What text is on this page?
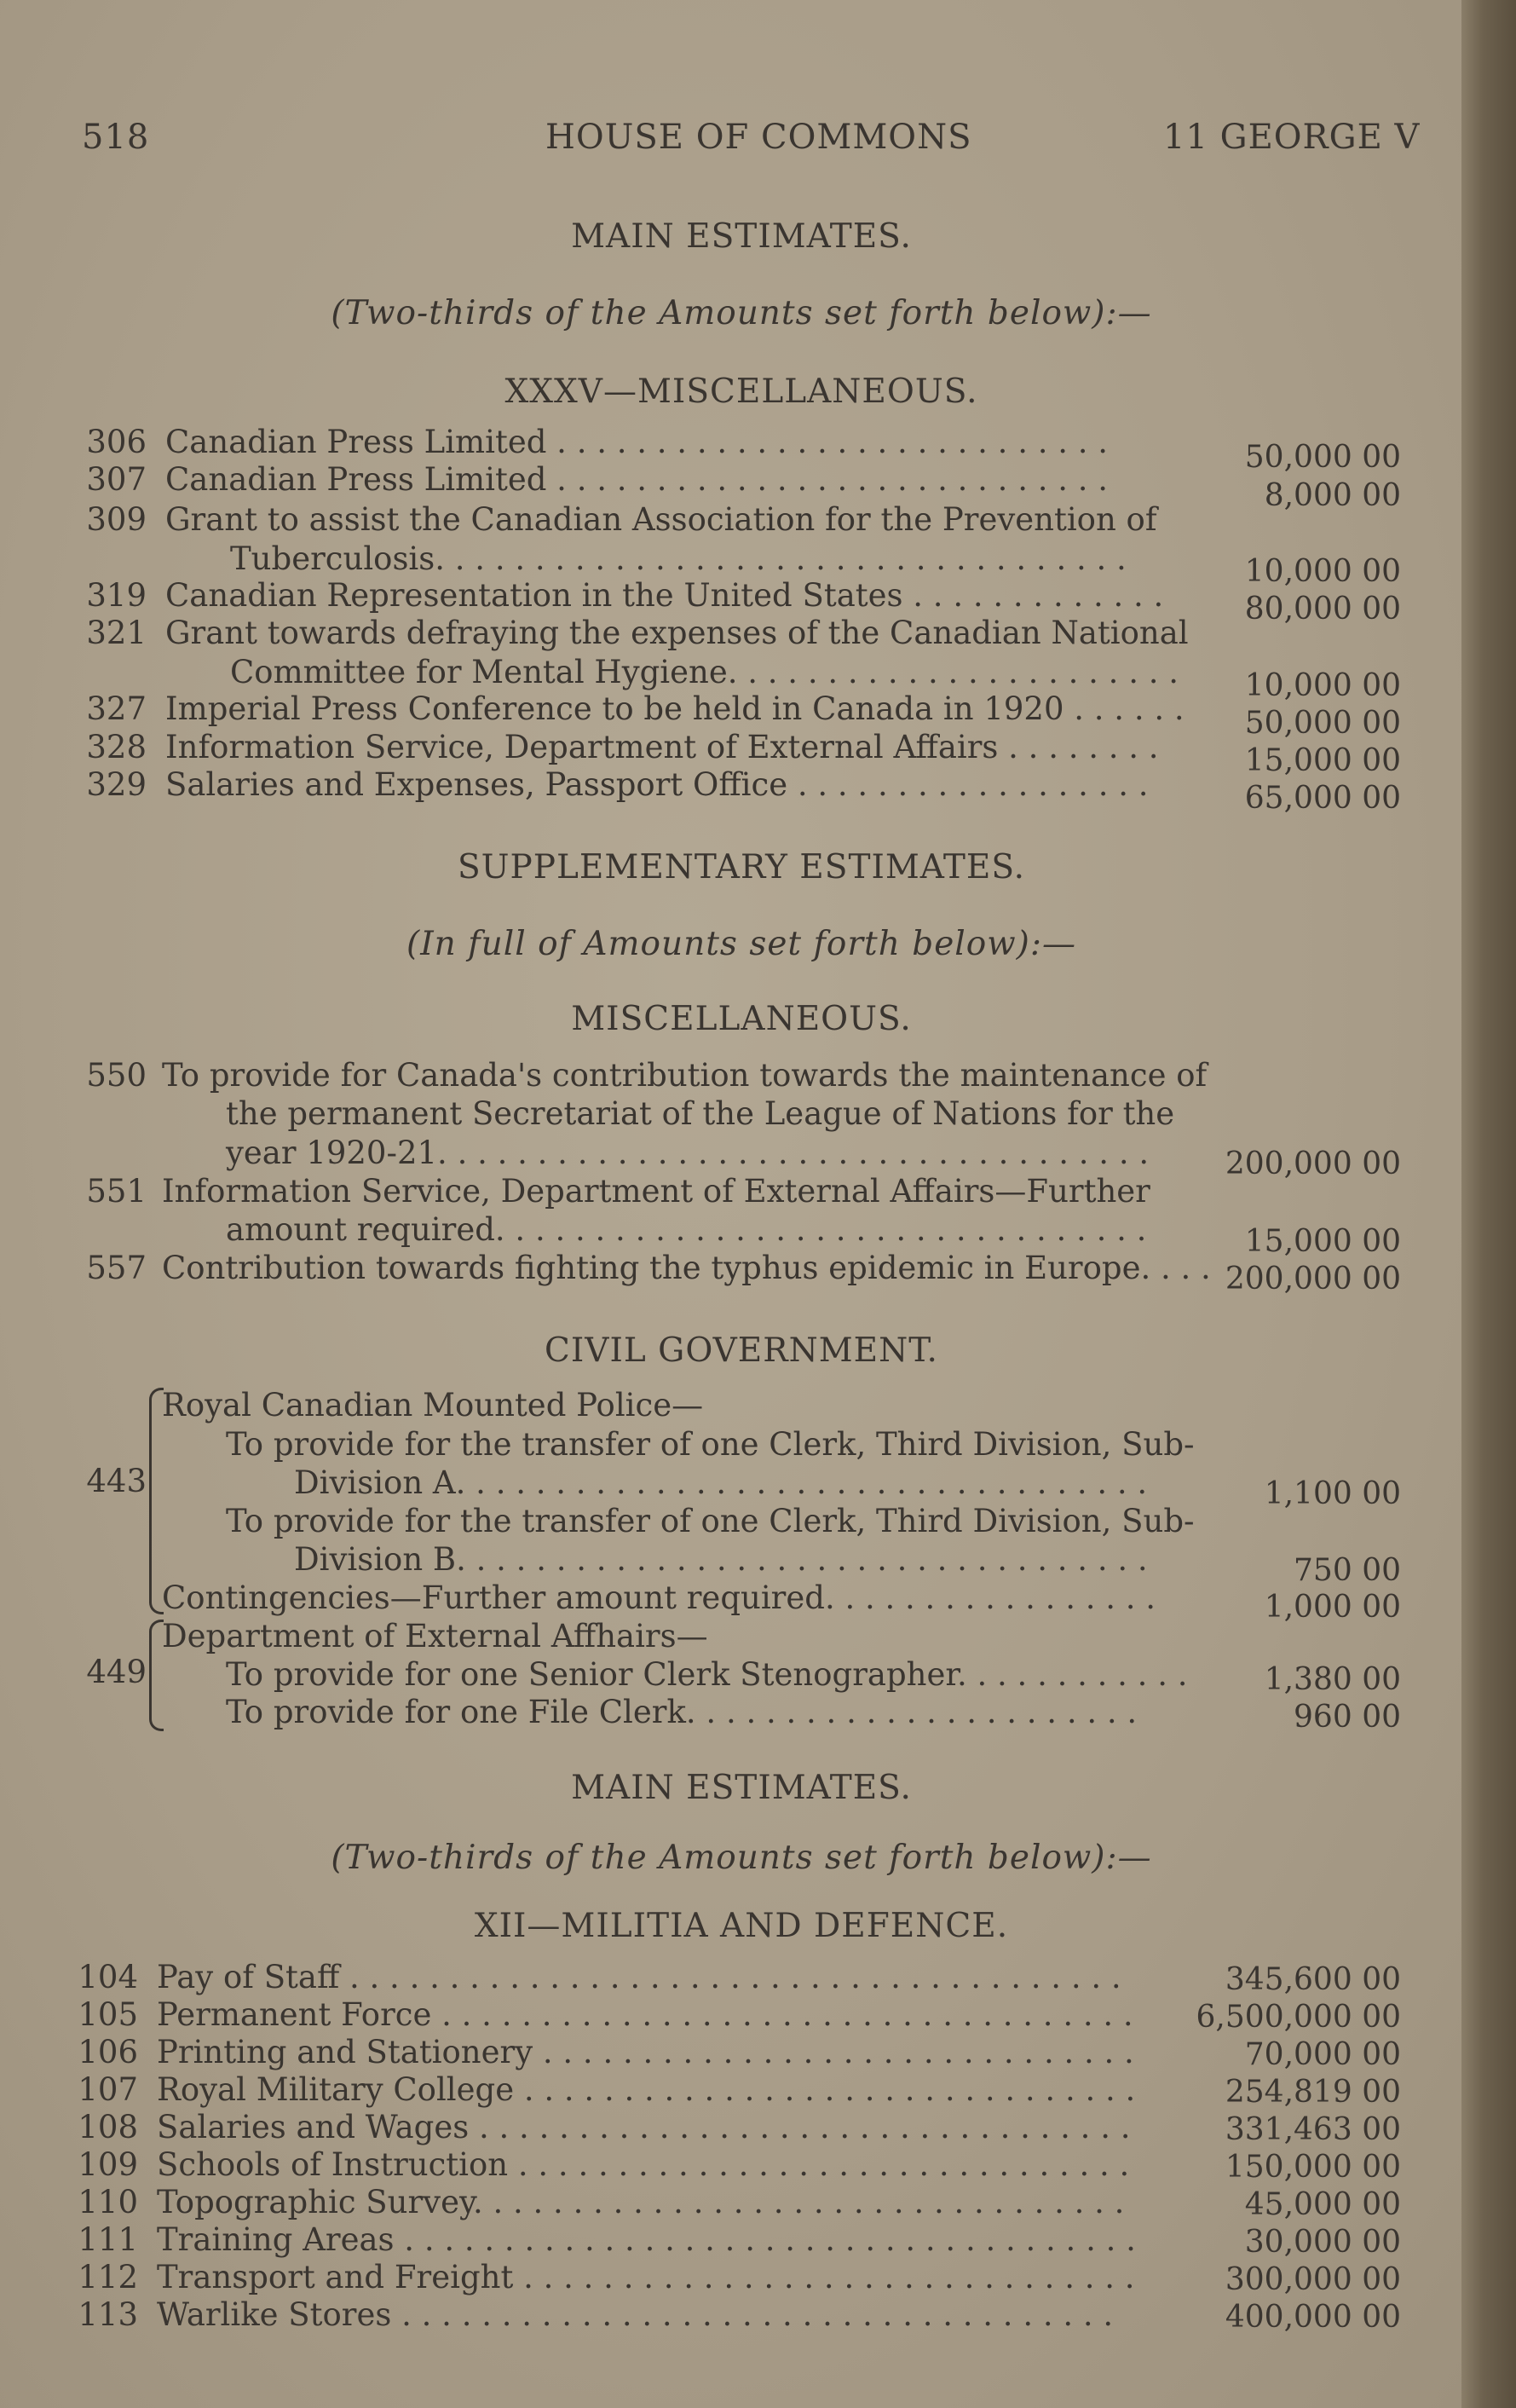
518	HOUSE OF COMMONS	11 GEORGE V
MAIN ESTIMATES.
(Two-thirds of the Amounts set forth below):—
XXXV—MISCELLANEOUS.
306 Canadian Press Limited . . . . . . . . . . . . . . . . . . . . . . . . . . . .	50,000 00
307 Canadian Press Limited . . . . . . . . . . . . . . . . . . . . . . . . . . . .	8,000 00
309 Grant to assist the Canadian Association for the Prevention of
Tuberculosis. . . . . . . . . . . . . . . . . . . . . . . . . . . . . . . . . . .	10,000 00
319 Canadian Representation in the United States . . . . . . . . . . . . .	80,000 00
321 Grant towards defraying the expenses of the Canadian National
Committee for Mental Hygiene. . . . . . . . . . . . . . . . . . . . . . .	10,000 00
327 Imperial Press Conference to be held in Canada in 1920 . . . . . .	50,000 00
328 Information Service, Department of External Affairs . . . . . . . .	15,000 00
329 Salaries and Expenses, Passport Office . . . . . . . . . . . . . . . . . .	65,000 00
SUPPLEMENTARY ESTIMATES.
(In full of Amounts set forth below):—
MISCELLANEOUS.
550 To provide for Canada's contribution towards the maintenance of
the permanent Secretariat of the League of Nations for the
year 1920-21. . . . . . . . . . . . . . . . . . . . . . . . . . . . . . . . . . . .	200,000 00
551 Information Service, Department of External Affairs—Further
amount required. . . . . . . . . . . . . . . . . . . . . . . . . . . . . . . . .	15,000 00
557 Contribution towards fighting the typhus epidemic in Europe. . . . 200,000 00
CIVIL GOVERNMENT.
443
Royal Canadian Mounted Police—
To provide for the transfer of one Clerk, Third Division, Sub-
Division A. . . . . . . . . . . . . . . . . . . . . . . . . . . . . . . . . . .	1,100 00
To provide for the transfer of one Clerk, Third Division, Sub-
Division B. . . . . . . . . . . . . . . . . . . . . . . . . . . . . . . . . . .	750 00
Contingencies—Further amount required. . . . . . . . . . . . . . . . .	1,000 00
449
Department of External Affhairs—
To provide for one Senior Clerk Stenographer. . . . . . . . . . . .	1,380 00
To provide for one File Clerk. . . . . . . . . . . . . . . . . . . . . . .	960 00
MAIN ESTIMATES.
(Two-thirds of the Amounts set forth below):—
XII—MILITIA AND DEFENCE.
104 Pay of Staff . . . . . . . . . . . . . . . . . . . . . . . . . . . . . . . . . . . . . . .	345,600 00
105 Permanent Force . . . . . . . . . . . . . . . . . . . . . . . . . . . . . . . . . . . 6,500,000 00
106 Printing and Stationery . . . . . . . . . . . . . . . . . . . . . . . . . . . . . .	70,000 00
107 Royal Military College . . . . . . . . . . . . . . . . . . . . . . . . . . . . . . .	254,819 00
108 Salaries and Wages . . . . . . . . . . . . . . . . . . . . . . . . . . . . . . . . .	331,463 00
109 Schools of Instruction . . . . . . . . . . . . . . . . . . . . . . . . . . . . . . .	150,000 00
110 Topographic Survey. . . . . . . . . . . . . . . . . . . . . . . . . . . . . . . . .	45,000 00
111 Training Areas . . . . . . . . . . . . . . . . . . . . . . . . . . . . . . . . . . . . .	30,000 00
112 Transport and Freight . . . . . . . . . . . . . . . . . . . . . . . . . . . . . . .	300,000 00
113 Warlike Stores . . . . . . . . . . . . . . . . . . . . . . . . . . . . . . . . . . . .	400,000 00
